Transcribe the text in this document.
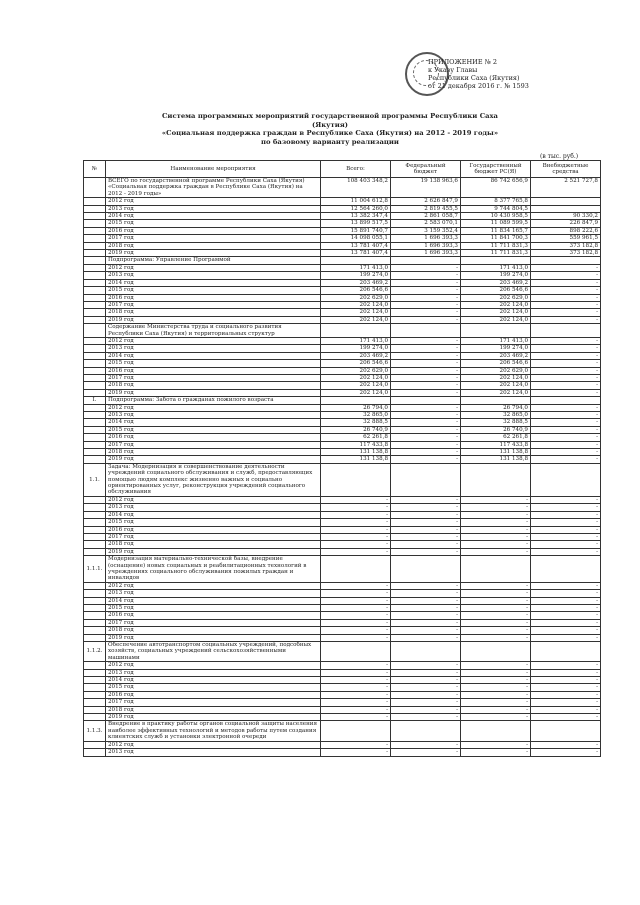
ПРИЛОЖЕНИЕ № 2
к Указу Главы
Республики Саха (Якутия)
от 21 декабря 2016 г. № 1593
Система программных мероприятий государственной программы Республики Саха (Якутия)
«Социальная поддержка граждан в Республике Саха (Якутия) на 2012 - 2019 годы»
по базовому варианту реализации
(в тыс. руб.)
№	Наименование мероприятия	Всего:	Федеральный бюджет	Государственный бюджет РС(Я)	Внебюджетные средства
	ВСЕГО по государственной программе Республики Саха (Якутия) «Социальная поддержка граждан в Республике Саха (Якутия) на 2012 - 2019 годы»	108 403 348,2	19 138 963,6	86 742 656,9	2 521 727,8
	2012 год	11 004 612,8	2 626 847,9	8 377 765,8	
	2013 год	12 564 260,0	2 819 455,5	9 744 804,5	
	2014 год	13 382 347,4	2 861 058,7	10 430 958,5	90 330,2
	2015 год	13 899 517,5	2 583 070,1	11 089 599,5	226 847,9
	2016 год	15 891 740,7	3 159 352,4	11 834 165,7	898 222,6
	2017 год	14 098 055,1	1 696 393,3	11 841 700,3	559 961,5
	2018 год	13 781 407,4	1 696 393,3	11 711 831,3	373 182,8
	2019 год	13 781 407,4	1 696 393,3	11 711 831,3	373 182,8
	Подпрограмма: Управление Программой				
	2012 год	171 413,0	-	171 413,0	-
	2013 год	199 274,0	-	199 274,0	-
	2014 год	203 469,2	-	203 469,2	-
	2015 год	206 546,6	-	206 546,6	-
	2016 год	202 629,0	-	202 629,0	-
	2017 год	202 124,0	-	202 124,0	-
	2018 год	202 124,0	-	202 124,0	-
	2019 год	202 124,0	-	202 124,0	-
	Содержание Министерства труда и социального развития Республики Саха (Якутия) и территориальных структур				
	2012 год	171 413,0	-	171 413,0	-
	2013 год	199 274,0	-	199 274,0	-
	2014 год	203 469,2	-	203 469,2	-
	2015 год	206 546,6	-	206 546,6	-
	2016 год	202 629,0	-	202 629,0	-
	2017 год	202 124,0	-	202 124,0	-
	2018 год	202 124,0	-	202 124,0	-
	2019 год	202 124,0	-	202 124,0	-
I.	Подпрограмма: Забота о гражданах пожилого возраста				
	2012 год	26 794,0	-	26 794,0	-
	2013 год	32 865,0	-	32 865,0	-
	2014 год	32 888,5	-	32 888,5	-
	2015 год	26 740,9	-	26 740,9	-
	2016 год	62 261,8	-	62 261,8	-
	2017 год	117 433,8	-	117 433,8	-
	2018 год	131 138,8	-	131 138,8	-
	2019 год	131 138,8	-	131 138,8	-
1.1.	Задача: Модернизация и совершенствование деятельности учреждений социального обслуживания и служб, предоставляющих помощью людям комплекс жизненно важных и социально ориентированных услуг, реконструкция учреждений социального обслуживания				
	2012 год	-	-	-	-
	2013 год	-	-	-	-
	2014 год	-	-	-	-
	2015 год	-	-	-	-
	2016 год	-	-	-	-
	2017 год	-	-	-	-
	2018 год	-	-	-	-
	2019 год	-	-	-	-
1.1.1.	Модернизация материально-технической базы, внедрение (оснащение) новых социальных и реабилитационных технологий в учреждениях социального обслуживания пожилых граждан и инвалидов				
	2012 год	-	-	-	-
	2013 год	-	-	-	-
	2014 год	-	-	-	-
	2015 год	-	-	-	-
	2016 год	-	-	-	-
	2017 год	-	-	-	-
	2018 год	-	-	-	-
	2019 год	-	-	-	-
1.1.2.	Обеспечение автотранспортом социальных учреждений, подсобных хозяйств, социальных учреждений сельскохозяйственными машинами				
	2012 год	-	-	-	-
	2013 год	-	-	-	-
	2014 год	-	-	-	-
	2015 год	-	-	-	-
	2016 год	-	-	-	-
	2017 год	-	-	-	-
	2018 год	-	-	-	-
	2019 год	-	-	-	-
1.1.3.	Внедрение в практику работы органов социальной защиты населения наиболее эффективных технологий и методов работы путем создания клиентских служб и установки электронной очереди				
	2012 год	-	-	-	-
	2013 год	-	-	-	-
